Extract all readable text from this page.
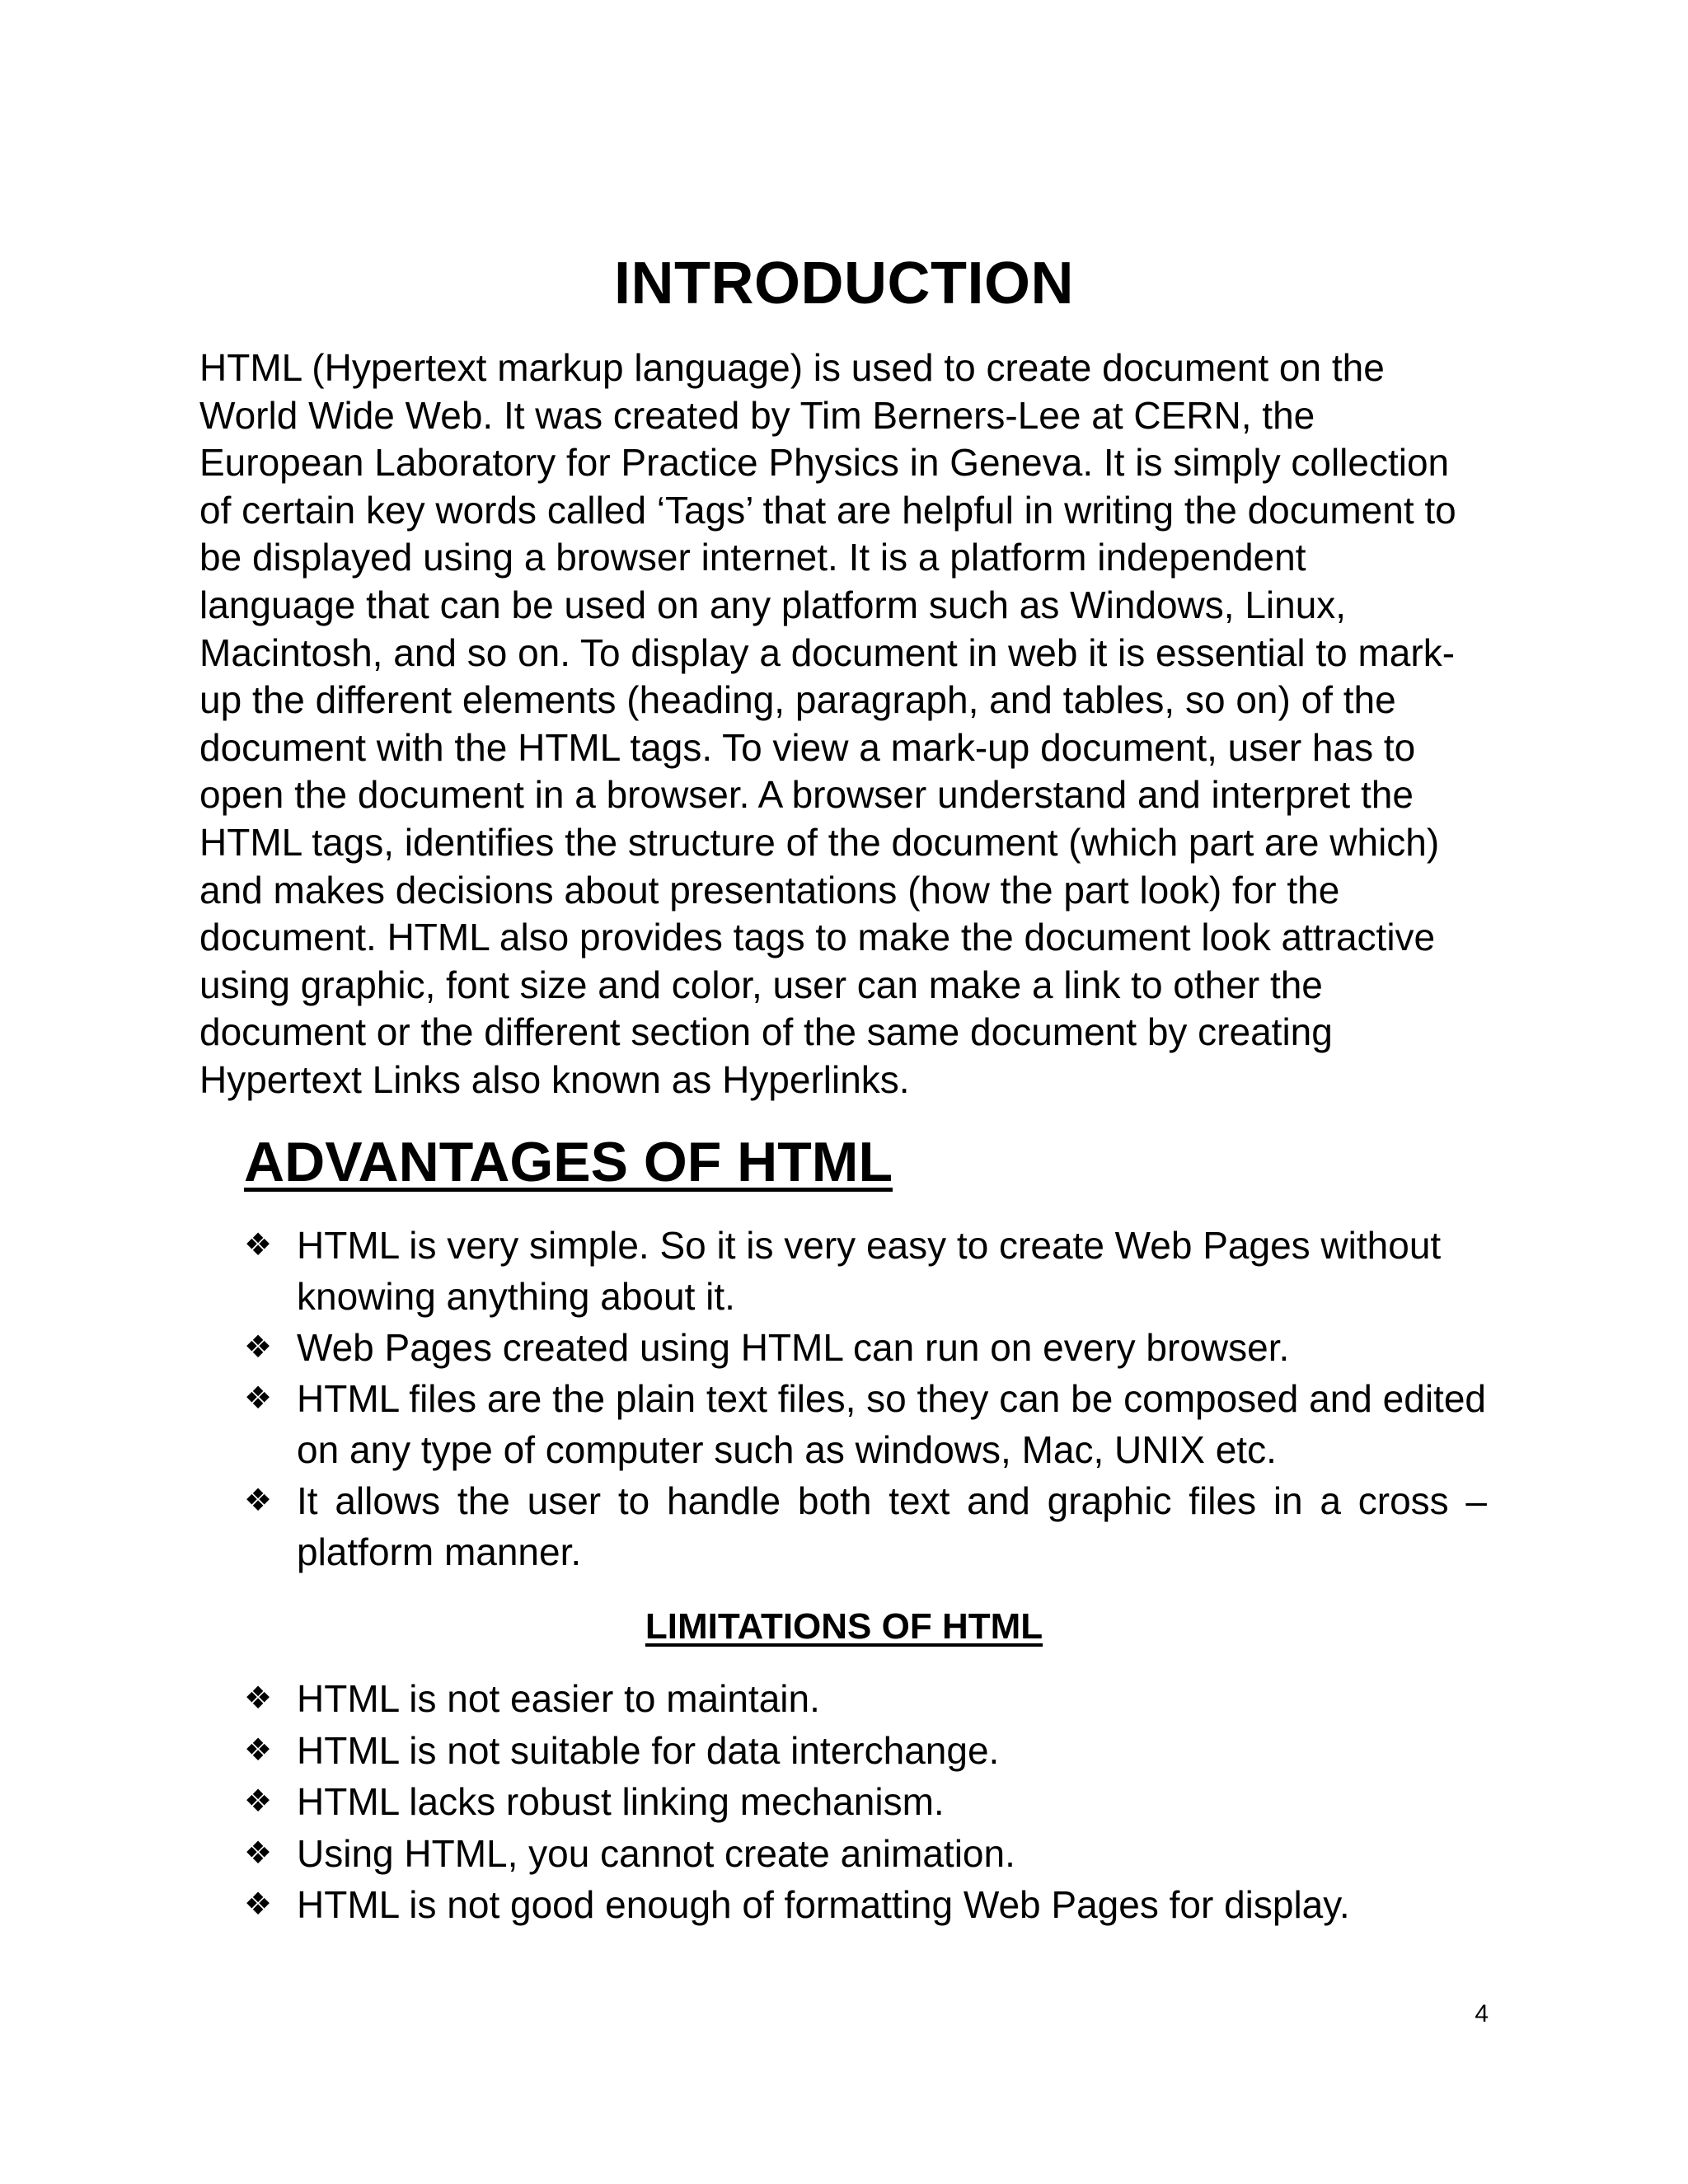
INTRODUCTION

HTML (Hypertext markup language) is used to create document on the
World Wide Web. It was created by Tim Berners-Lee at CERN, the
European Laboratory for Practice Physics in Geneva. It is simply collection
of certain key words called ‘Tags’ that are helpful in writing the document to
be displayed using a browser internet. It is a platform independent
language that can be used on any platform such as Windows, Linux,
Macintosh, and so on. To display a document in web it is essential to mark-
up the different elements (heading, paragraph, and tables, so on) of the
document with the HTML tags. To view a mark-up document, user has to
open the document in a browser. A browser understand and interpret the
HTML tags, identifies the structure of the document (which part are which)
and makes decisions about presentations (how the part look) for the
document. HTML also provides tags to make the document look attractive
using graphic, font size and color, user can make a link to other the
document or the different section of the same document by creating
Hypertext Links also known as Hyperlinks.

ADVANTAGES OF HTML
❖ HTML is very simple. So it is very easy to create Web Pages without knowing anything about it.
❖ Web Pages created using HTML can run on every browser.
❖ HTML files are the plain text files, so they can be composed and edited on any type of computer such as windows, Mac, UNIX etc.
❖ It allows the user to handle both text and graphic files in a cross – platform manner.
LIMITATIONS OF HTML
❖ HTML is not easier to maintain.
❖ HTML is not suitable for data interchange.
❖ HTML lacks robust linking mechanism.
❖ Using HTML, you cannot create animation.
❖ HTML is not good enough of formatting Web Pages for display.
4
